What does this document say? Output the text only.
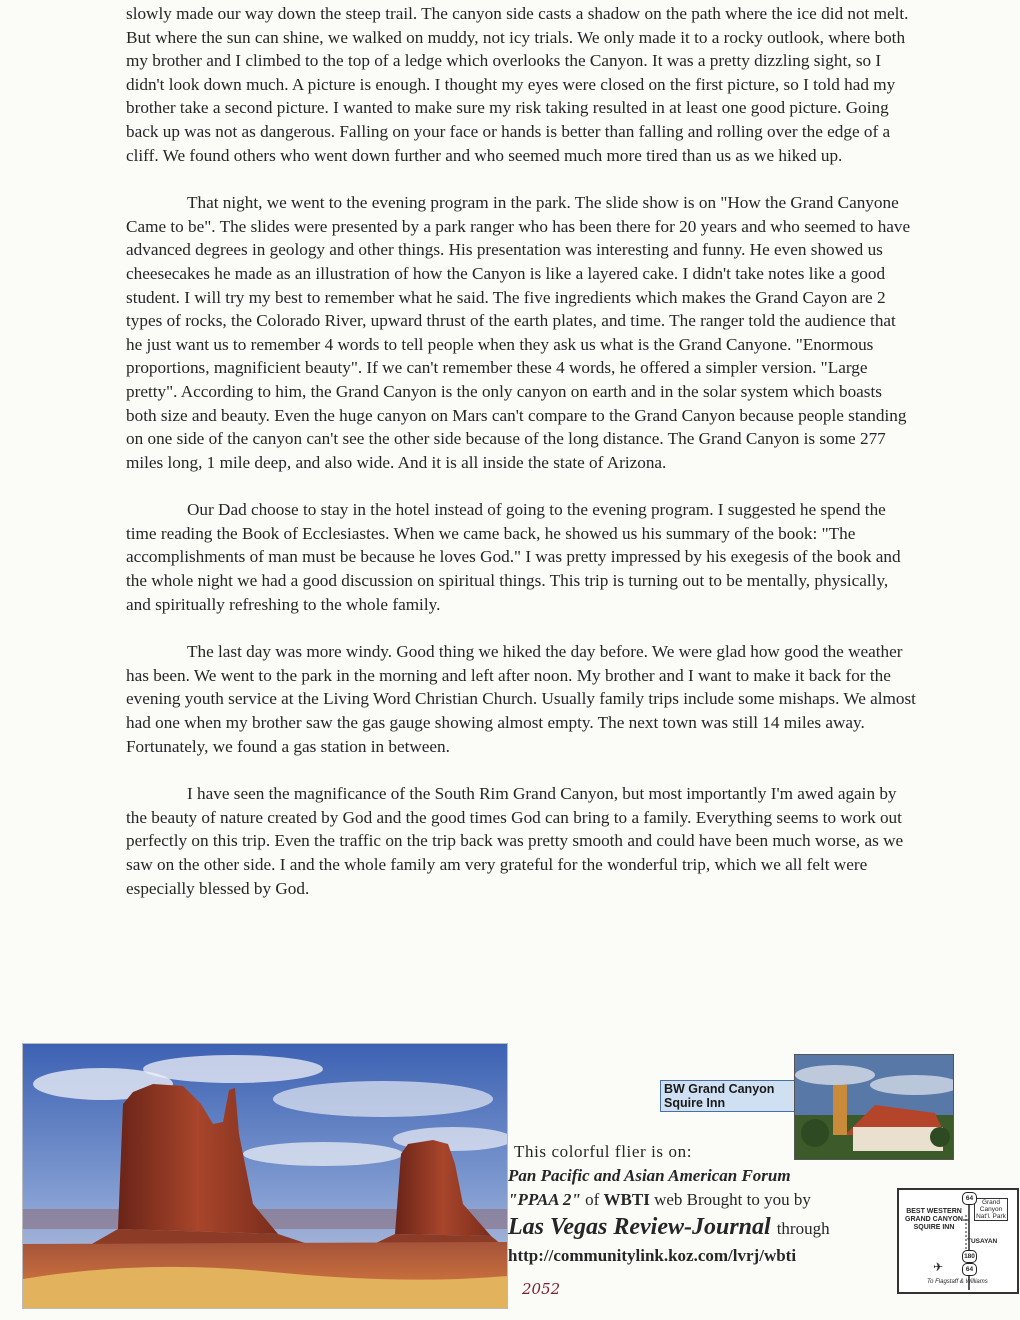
slowly made our way down the steep trail. The canyon side casts a shadow on the path where the ice did not melt. But where the sun can shine, we walked on muddy, not icy trials. We only made it to a rocky outlook, where both my brother and I climbed to the top of a ledge which overlooks the Canyon. It was a pretty dizzling sight, so I didn't look down much. A picture is enough. I thought my eyes were closed on the first picture, so I told had my brother take a second picture. I wanted to make sure my risk taking resulted in at least one good picture. Going back up was not as dangerous. Falling on your face or hands is better than falling and rolling over the edge of a cliff. We found others who went down further and who seemed much more tired than us as we hiked up.

That night, we went to the evening program in the park. The slide show is on "How the Grand Canyone Came to be". The slides were presented by a park ranger who has been there for 20 years and who seemed to have advanced degrees in geology and other things. His presentation was interesting and funny. He even showed us cheesecakes he made as an illustration of how the Canyon is like a layered cake. I didn't take notes like a good student. I will try my best to remember what he said. The five ingredients which makes the Grand Cayon are 2 types of rocks, the Colorado River, upward thrust of the earth plates, and time. The ranger told the audience that he just want us to remember 4 words to tell people when they ask us what is the Grand Canyone. "Enormous proportions, magnificient beauty". If we can't remember these 4 words, he offered a simpler version. "Large pretty". According to him, the Grand Canyon is the only canyon on earth and in the solar system which boasts both size and beauty. Even the huge canyon on Mars can't compare to the Grand Canyon because people standing on one side of the canyon can't see the other side because of the long distance. The Grand Canyon is some 277 miles long, 1 mile deep, and also wide. And it is all inside the state of Arizona.

Our Dad choose to stay in the hotel instead of going to the evening program. I suggested he spend the time reading the Book of Ecclesiastes. When we came back, he showed us his summary of the book: "The accomplishments of man must be because he loves God." I was pretty impressed by his exegesis of the book and the whole night we had a good discussion on spiritual things. This trip is turning out to be mentally, physically, and spiritually refreshing to the whole family.

The last day was more windy. Good thing we hiked the day before. We were glad how good the weather has been. We went to the park in the morning and left after noon. My brother and I want to make it back for the evening youth service at the Living Word Christian Church. Usually family trips include some mishaps. We almost had one when my brother saw the gas gauge showing almost empty. The next town was still 14 miles away. Fortunately, we found a gas station in between.

I have seen the magnificance of the South Rim Grand Canyon, but most importantly I'm awed again by the beauty of nature created by God and the good times God can bring to a family. Everything seems to work out perfectly on this trip. Even the traffic on the trip back was pretty smooth and could have been much worse, as we saw on the other side. I and the whole family am very grateful for the wonderful trip, which we all felt were especially blessed by God.

BW Grand Canyon Squire Inn
This colorful flier is on:
Pan Pacific and Asian American Forum
"PPAA 2" of WBTI web Brought to you by
Las Vegas Review-Journal through
http://communitylink.koz.com/lvrj/wbti
2052
BEST WESTERN GRAND CANYON SQUIRE INN
Grand Canyon Nat'l. Park
TUSAYAN
64
180
64
✈
To Flagstaff & Williams
